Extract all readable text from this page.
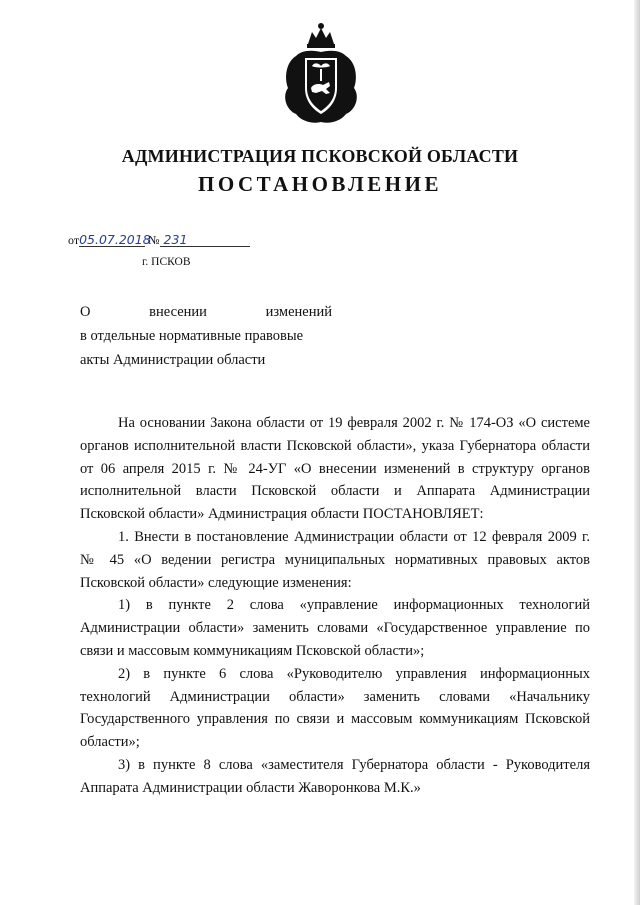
АДМИНИСТРАЦИЯ ПСКОВСКОЙ ОБЛАСТИ
ПОСТАНОВЛЕНИЕ
от05.07.2018 № 231
г. ПСКОВ
О внесении изменений
в отдельные нормативные правовые
акты Администрации области

На основании Закона области от 19 февраля 2002 г. № 174-ОЗ «О системе органов исполнительной власти Псковской области», указа Губернатора области от 06 апреля 2015 г. № 24-УГ «О внесении изменений в структуру органов исполнительной власти Псковской области и Аппарата Администрации Псковской области» Администрация области ПОСТАНОВЛЯЕТ:

1. Внести в постановление Администрации области от 12 февраля 2009 г. № 45 «О ведении регистра муниципальных нормативных правовых актов Псковской области» следующие изменения:

1) в пункте 2 слова «управление информационных технологий Администрации области» заменить словами «Государственное управление по связи и массовым коммуникациям Псковской области»;

2) в пункте 6 слова «Руководителю управления информационных технологий Администрации области» заменить словами «Начальнику Государственного управления по связи и массовым коммуникациям Псковской области»;

3) в пункте 8 слова «заместителя Губернатора области - Руководителя Аппарата Администрации области Жаворонкова М.К.»
